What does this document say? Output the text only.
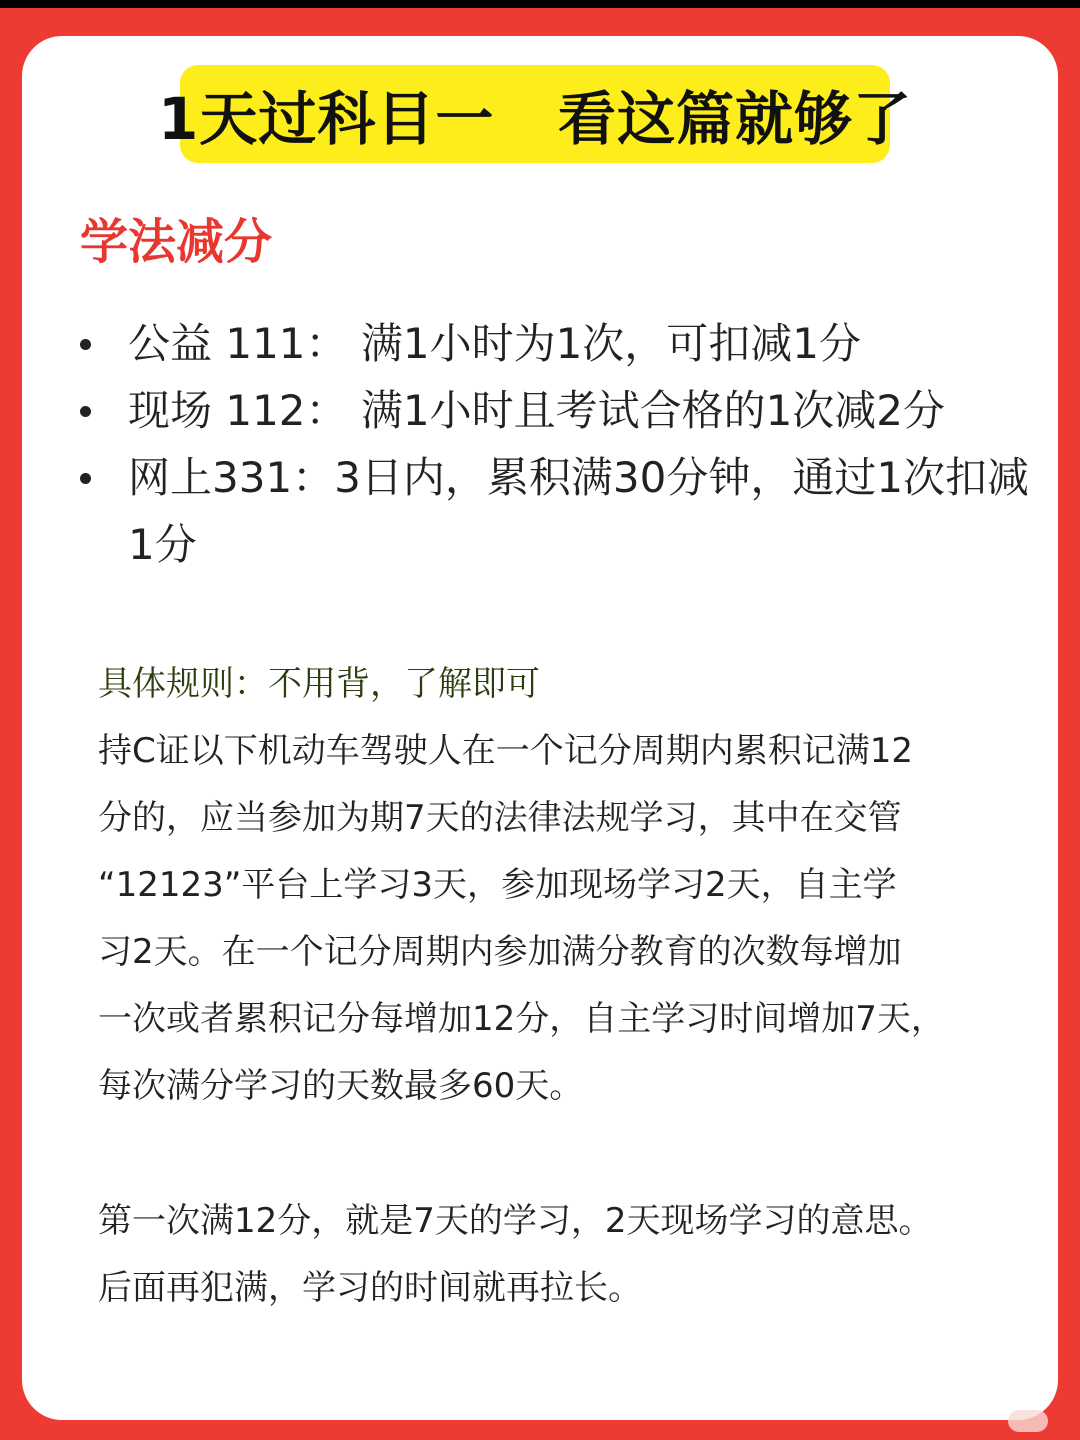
1天过科目一   看这篇就够了
学法减分
公益 111： 满1小时为1次，可扣减1分
现场 112： 满1小时且考试合格的1次减2分
网上331：3日内，累积满30分钟，通过1次扣减1分

具体规则：不用背，了解即可

持C证以下机动车驾驶人在一个记分周期内累积记满12
分的，应当参加为期7天的法律法规学习，其中在交管
“12123”平台上学习3天，参加现场学习2天，自主学
习2天。在一个记分周期内参加满分教育的次数每增加
一次或者累积记分每增加12分，自主学习时间增加7天，
每次满分学习的天数最多60天。

第一次满12分，就是7天的学习，2天现场学习的意思。
后面再犯满，学习的时间就再拉长。
